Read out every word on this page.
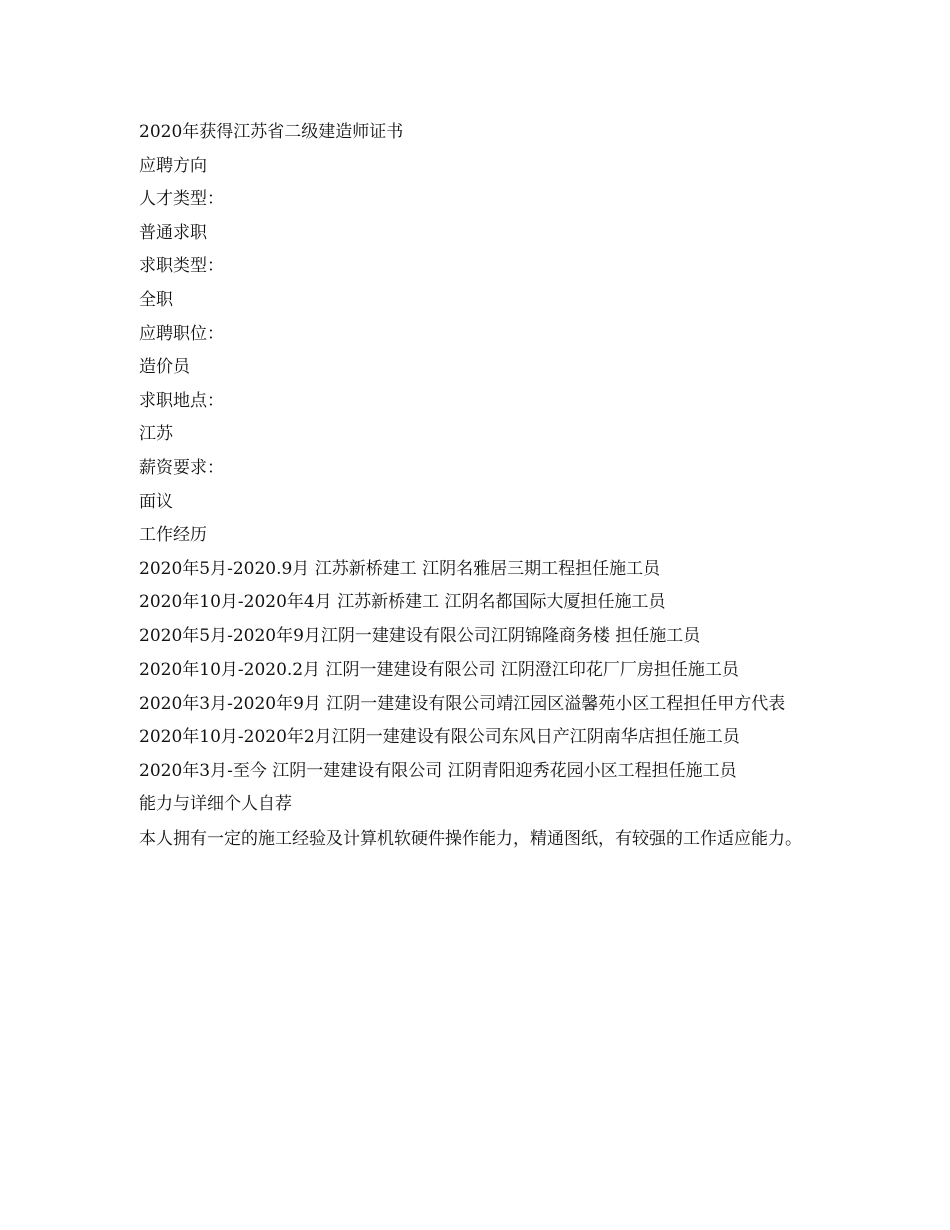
2020年获得江苏省二级建造师证书
应聘方向
人才类型：
普通求职
求职类型：
全职
应聘职位：
造价员
求职地点：
江苏
薪资要求：
面议
工作经历
2020年5月-2020.9月 江苏新桥建工 江阴名雅居三期工程担任施工员
2020年10月-2020年4月 江苏新桥建工 江阴名都国际大厦担任施工员
2020年5月-2020年9月江阴一建建设有限公司江阴锦隆商务楼 担任施工员
2020年10月-2020.2月 江阴一建建设有限公司 江阴澄江印花厂厂房担任施工员
2020年3月-2020年9月 江阴一建建设有限公司靖江园区溢馨苑小区工程担任甲方代表
2020年10月-2020年2月江阴一建建设有限公司东风日产江阴南华店担任施工员
2020年3月-至今 江阴一建建设有限公司 江阴青阳迎秀花园小区工程担任施工员
能力与详细个人自荐
本人拥有一定的施工经验及计算机软硬件操作能力，精通图纸，有较强的工作适应能力。
